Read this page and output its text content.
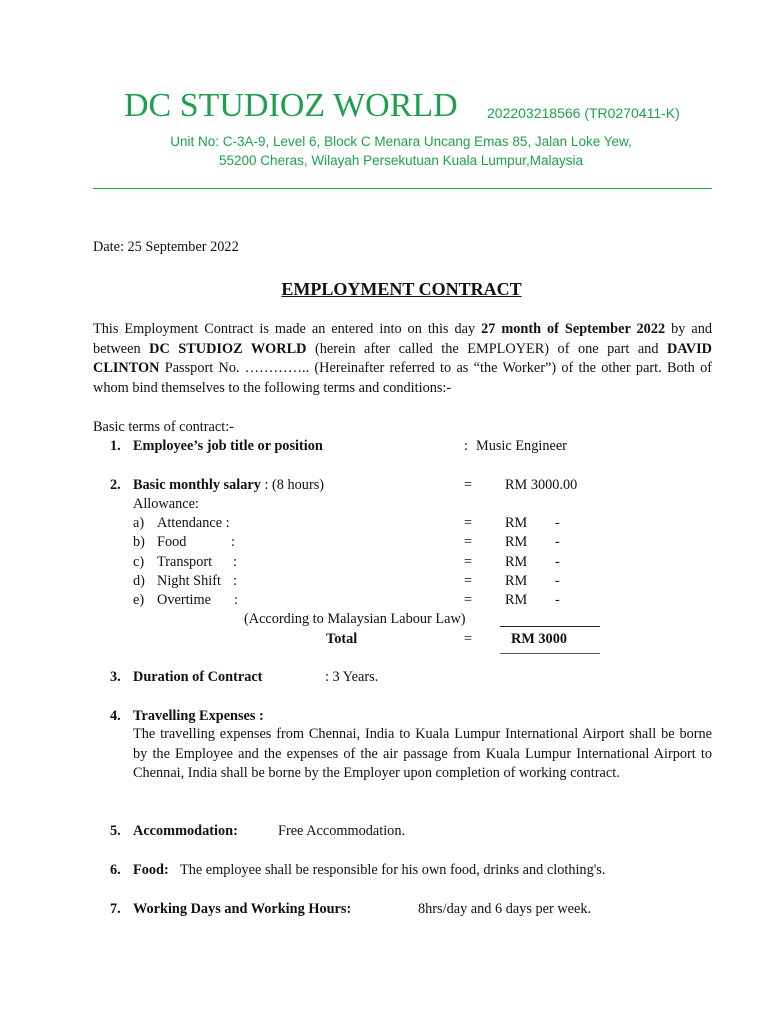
DC STUDIOZ WORLD 202203218566 (TR0270411-K)
Unit No: C-3A-9, Level 6, Block C Menara Uncang Emas 85, Jalan Loke Yew,
55200 Cheras, Wilayah Persekutuan Kuala Lumpur,Malaysia
Date: 25 September 2022
EMPLOYMENT CONTRACT
This Employment Contract is made an entered into on this day 27 month of September 2022 by and between DC STUDIOZ WORLD (herein after called the EMPLOYER) of one part and DAVID CLINTON Passport No. ………….. (Hereinafter referred to as “the Worker”) of the other part. Both of whom bind themselves to the following terms and conditions:-
Basic terms of contract:-
1. Employee’s job title or position	: Music Engineer
2. Basic monthly salary : (8 hours)	= RM 3000.00
Allowance:
a) Attendance :	= RM -
b) Food	:	= RM -
c) Transport :	= RM -
d) Night Shift :	= RM -
e) Overtime :	= RM -
(According to Malaysian Labour Law)
Total	=	RM 3000
3. Duration of Contract	: 3 Years.
4. Travelling Expenses :
The travelling expenses from Chennai, India to Kuala Lumpur International Airport shall be borne by the Employee and the expenses of the air passage from Kuala Lumpur International Airport to Chennai, India shall be borne by the Employer upon completion of working contract.
5. Accommodation:	Free Accommodation.
6. Food: The employee shall be responsible for his own food, drinks and clothing's.
7. Working Days and Working Hours:	8hrs/day and 6 days per week.
